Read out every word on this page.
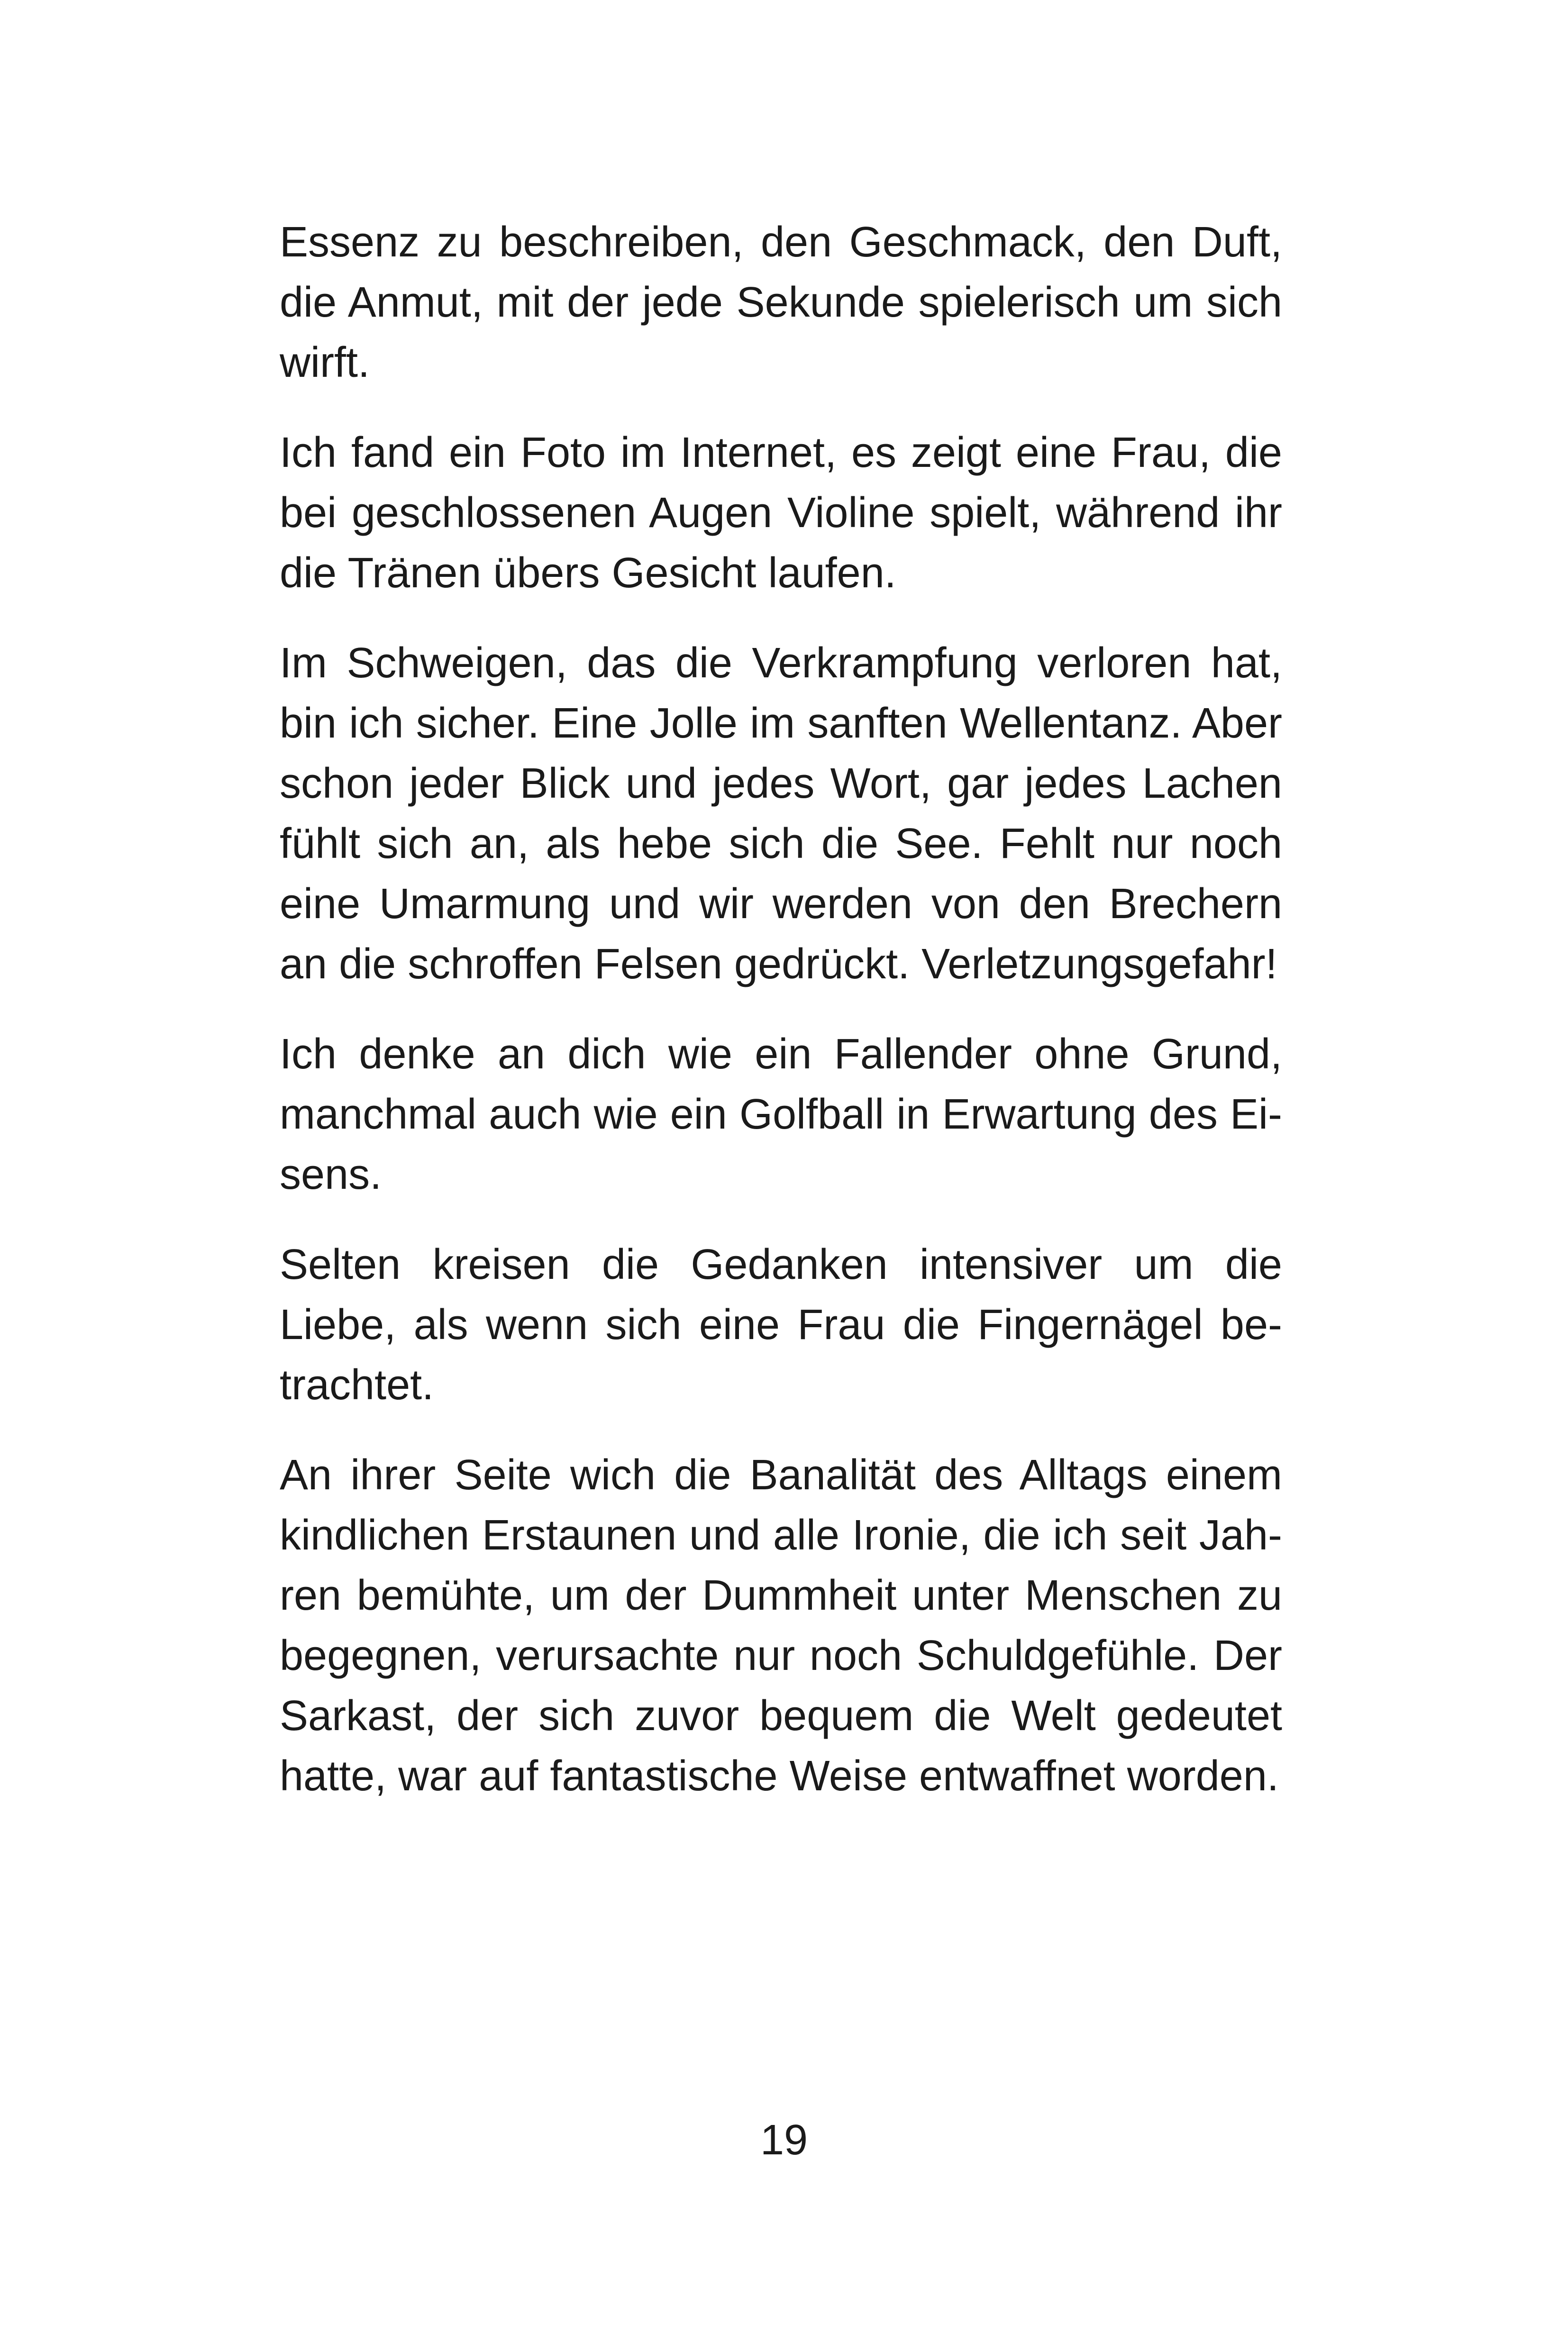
Essenz zu beschreiben, den Geschmack, den Duft,
die Anmut, mit der jede Sekunde spielerisch um sich
wirft.

Ich fand ein Foto im Internet, es zeigt eine Frau, die
bei geschlossenen Augen Violine spielt, während ihr
die Tränen übers Gesicht laufen.

Im Schweigen, das die Verkrampfung verloren hat,
bin ich sicher. Eine Jolle im sanften Wellentanz. Aber
schon jeder Blick und jedes Wort, gar jedes Lachen
fühlt sich an, als hebe sich die See. Fehlt nur noch
eine Umarmung und wir werden von den Brechern
an die schroffen Felsen gedrückt. Verletzungsgefahr!

Ich denke an dich wie ein Fallender ohne Grund,
manchmal auch wie ein Golfball in Erwartung des Ei-
sens.

Selten kreisen die Gedanken intensiver um die
Liebe, als wenn sich eine Frau die Fingernägel be-
trachtet.

An ihrer Seite wich die Banalität des Alltags einem
kindlichen Erstaunen und alle Ironie, die ich seit Jah-
ren bemühte, um der Dummheit unter Menschen zu
begegnen, verursachte nur noch Schuldgefühle. Der
Sarkast, der sich zuvor bequem die Welt gedeutet
hatte, war auf fantastische Weise entwaffnet worden.

19
